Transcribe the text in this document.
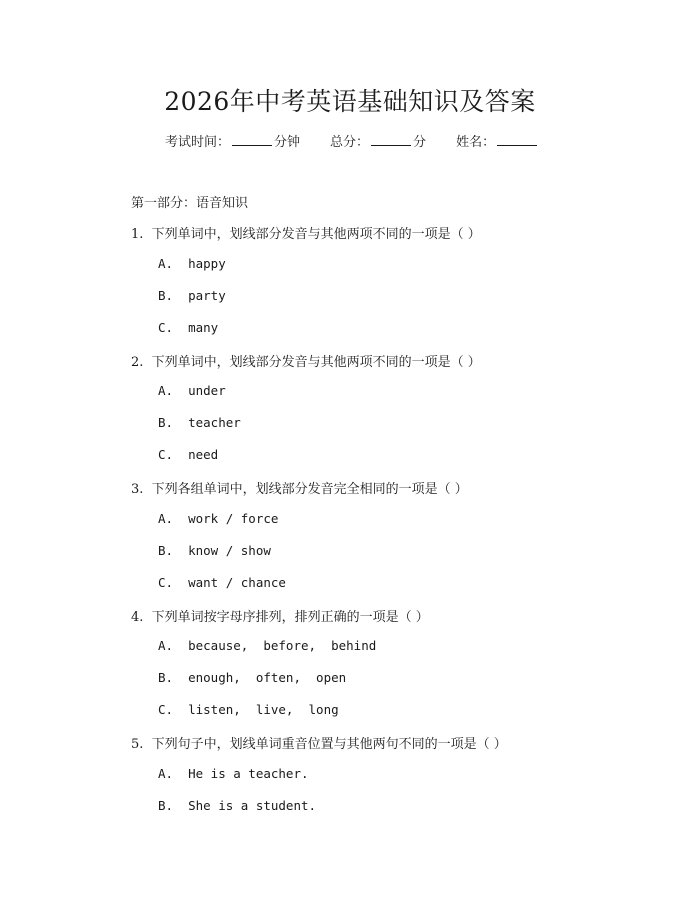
2026年中考英语基础知识及答案
考试时间：	分钟 总分：	分 姓名：
第一部分：语音知识
1.  下列单词中，划线部分发音与其他两项不同的一项是（ ）
A.  happy
B.  party
C.  many
2.  下列单词中，划线部分发音与其他两项不同的一项是（ ）
A.  under
B.  teacher
C.  need
3.  下列各组单词中，划线部分发音完全相同的一项是（ ）
A.  work / force
B.  know / show
C.  want / chance
4.  下列单词按字母序排列，排列正确的一项是（ ）
A.  because,  before,  behind
B.  enough,  often,  open
C.  listen,  live,  long
5.  下列句子中，划线单词重音位置与其他两句不同的一项是（ ）
A.  He is a teacher.
B.  She is a student.
